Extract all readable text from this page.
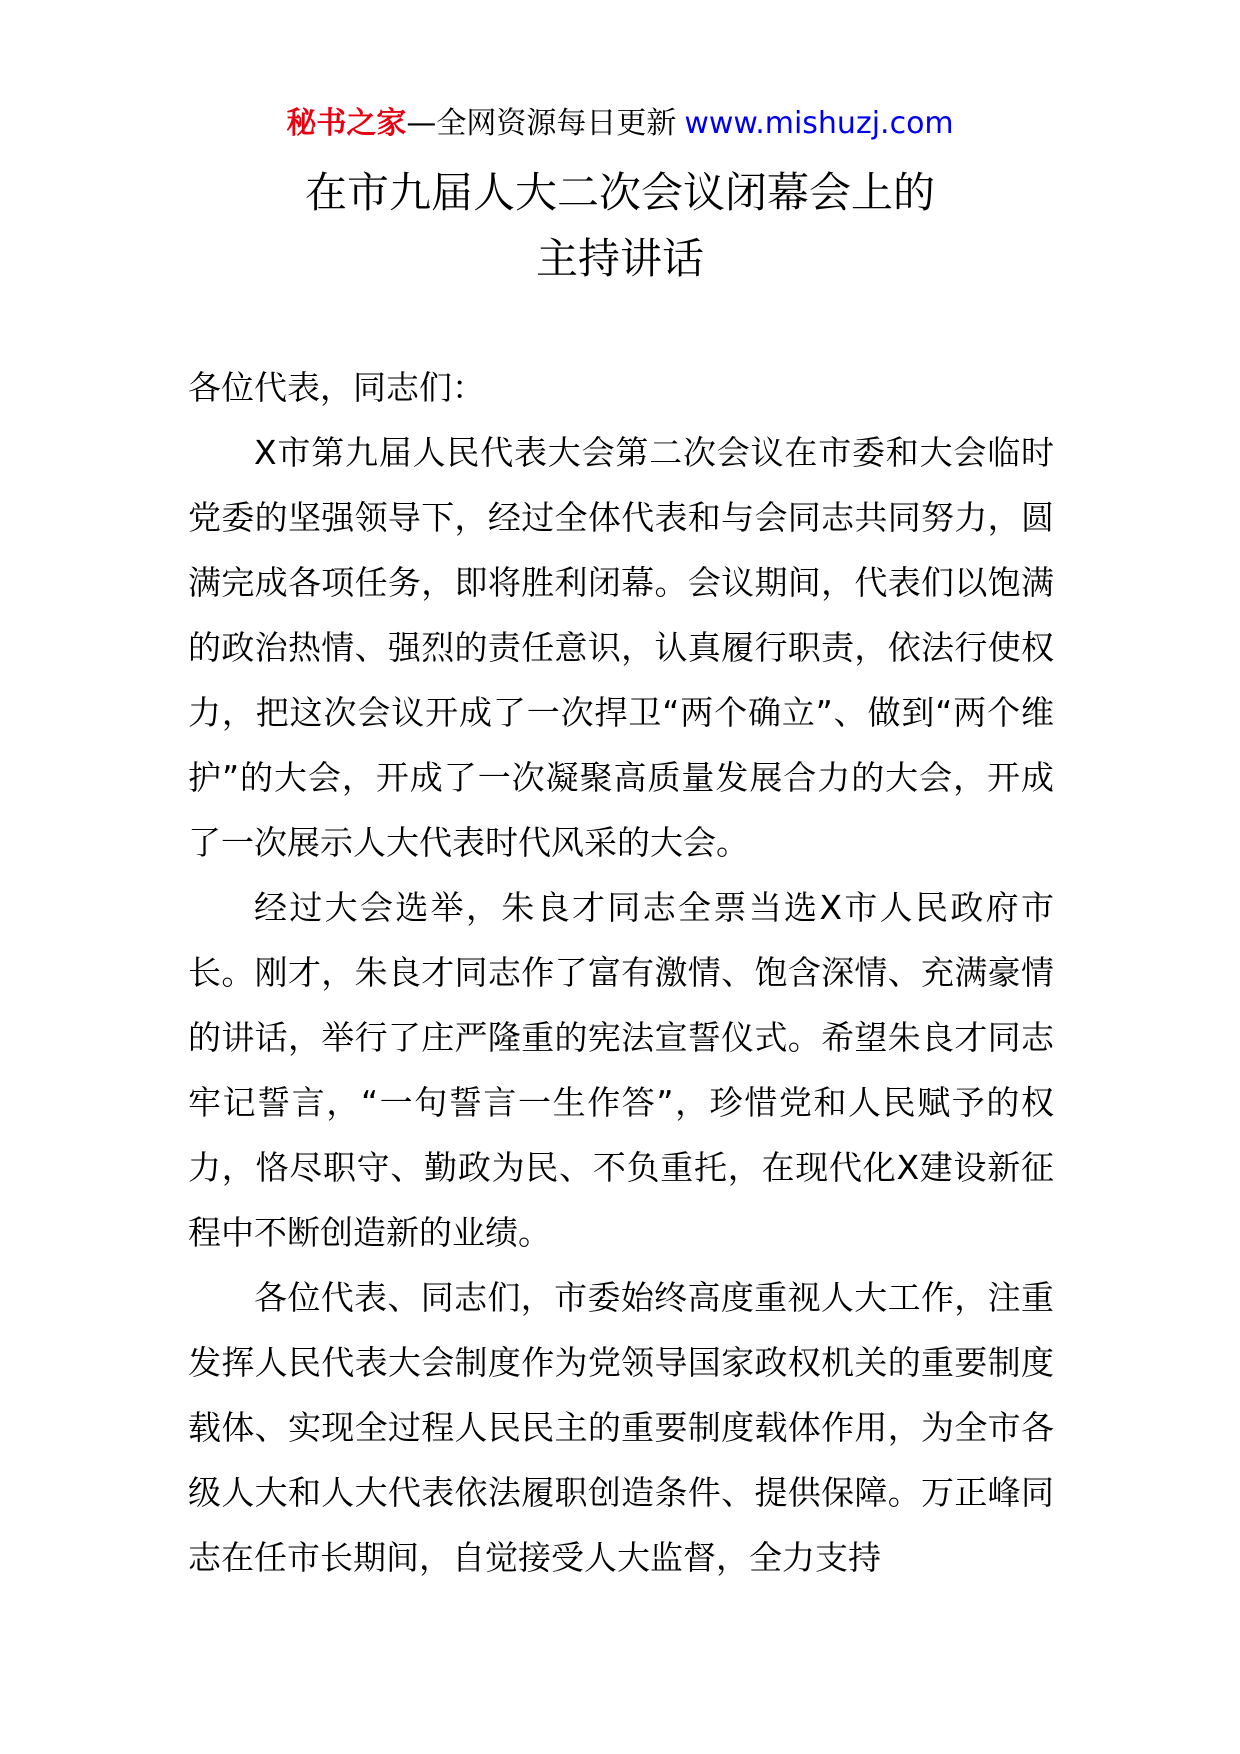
秘书之家—全网资源每日更新 www.mishuzj.com
在市九届人大二次会议闭幕会上的
主持讲话

各位代表，同志们：

X市第九届人民代表大会第二次会议在市委和大会临时党委的坚强领导下，经过全体代表和与会同志共同努力，圆满完成各项任务，即将胜利闭幕。会议期间，代表们以饱满的政治热情、强烈的责任意识，认真履行职责，依法行使权力，把这次会议开成了一次捍卫“两个确立”、做到“两个维护”的大会，开成了一次凝聚高质量发展合力的大会，开成了一次展示人大代表时代风采的大会。

经过大会选举，朱良才同志全票当选X市人民政府市长。刚才，朱良才同志作了富有激情、饱含深情、充满豪情的讲话，举行了庄严隆重的宪法宣誓仪式。希望朱良才同志牢记誓言，“一句誓言一生作答”，珍惜党和人民赋予的权力，恪尽职守、勤政为民、不负重托，在现代化X建设新征程中不断创造新的业绩。

各位代表、同志们，市委始终高度重视人大工作，注重发挥人民代表大会制度作为党领导国家政权机关的重要制度载体、实现全过程人民民主的重要制度载体作用，为全市各级人大和人大代表依法履职创造条件、提供保障。万正峰同志在任市长期间，自觉接受人大监督，全力支持
